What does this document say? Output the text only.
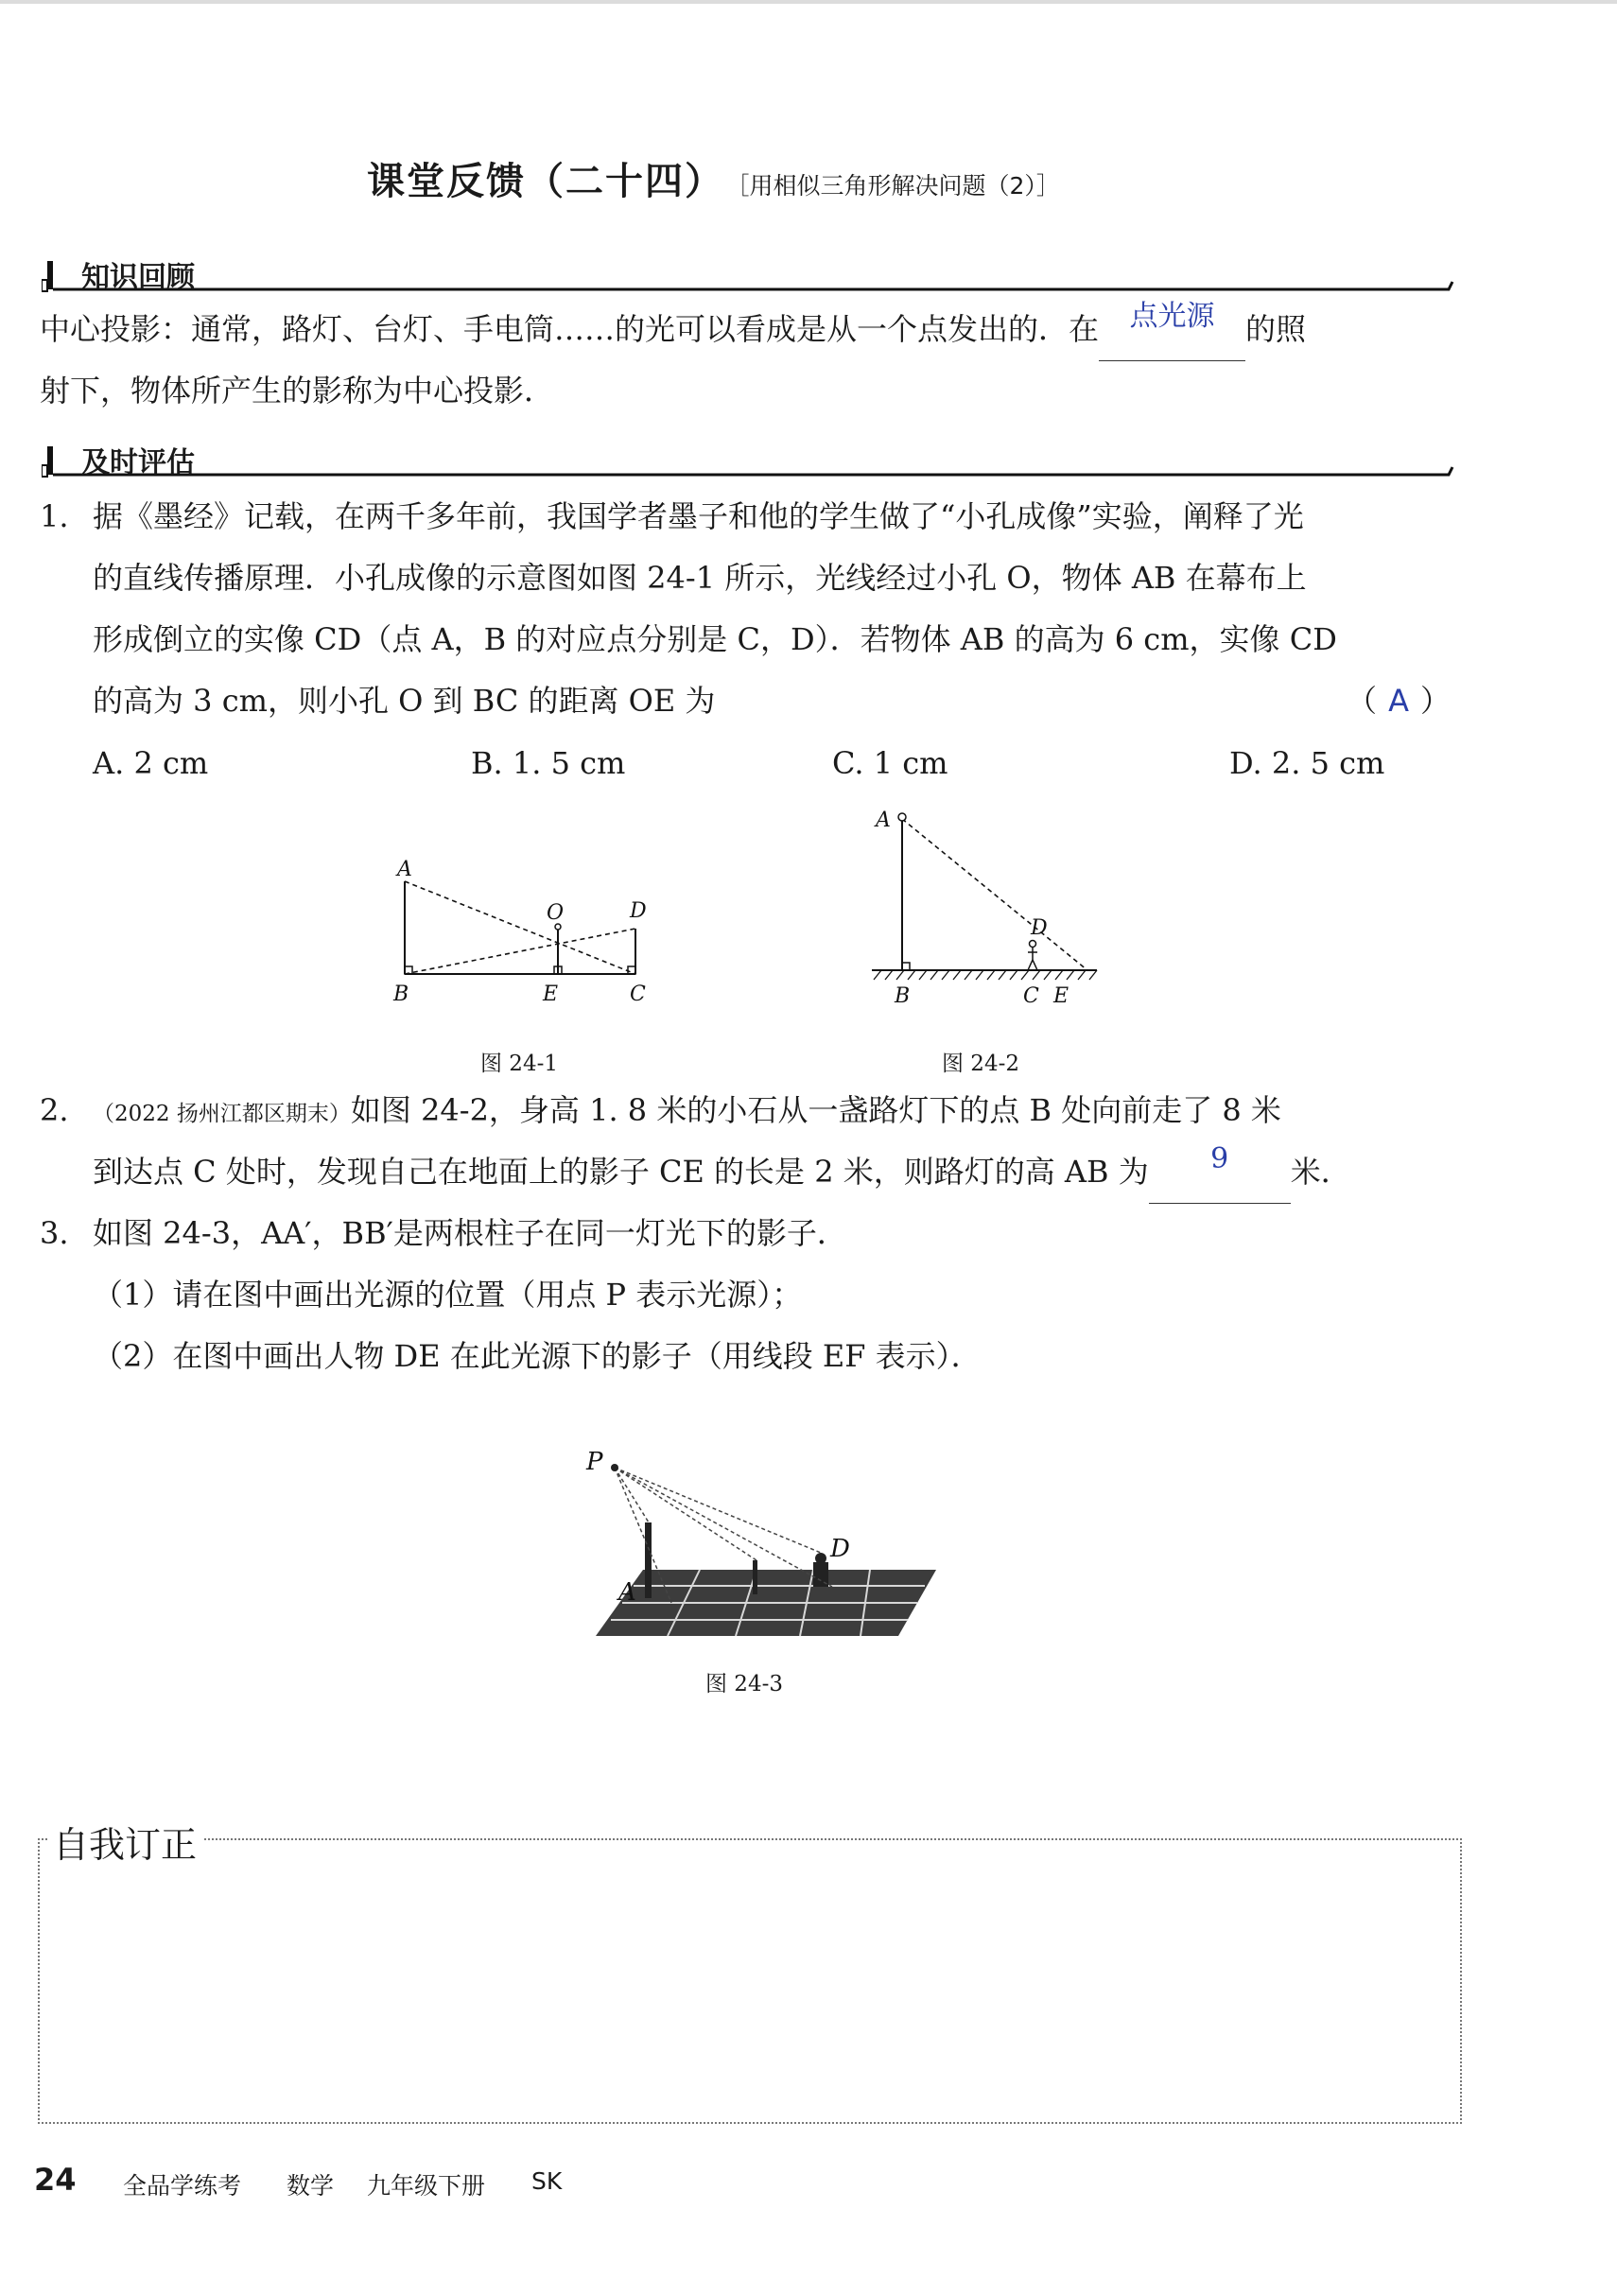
课堂反馈（二十四） ［用相似三角形解决问题（2）］
知识回顾
中心投影：通常，路灯、台灯、手电筒……的光可以看成是从一个点发出的．在	点光源	的照
射下，物体所产生的影称为中心投影．
及时评估
1. 据《墨经》记载，在两千多年前，我国学者墨子和他的学生做了“小孔成像”实验，阐释了光
的直线传播原理．小孔成像的示意图如图 24-1 所示，光线经过小孔 O，物体 AB 在幕布上
形成倒立的实像 CD（点 A，B 的对应点分别是 C，D）．若物体 AB 的高为 6 cm，实像 CD
的高为 3 cm，则小孔 O 到 BC 的距离 OE 为	（ A ）
A. 2 cm	B. 1. 5 cm	C. 1 cm	D. 2. 5 cm
A
B	E	C
O	D
图 24-1
A
D
B	C E
图 24-2
2. （2022 扬州江都区期末）如图 24-2，身高 1. 8 米的小石从一盏路灯下的点 B 处向前走了 8 米
到达点 C 处时，发现自己在地面上的影子 CE 的长是 2 米，则路灯的高 AB 为	9	米．
3. 如图 24-3，AA′，BB′是两根柱子在同一灯光下的影子．
（1）请在图中画出光源的位置（用点 P 表示光源）；
（2）在图中画出人物 DE 在此光源下的影子（用线段 EF 表示）．
P
D
A
图 24-3
自我订正
24 全品学练考 数学 九年级下册 SK
